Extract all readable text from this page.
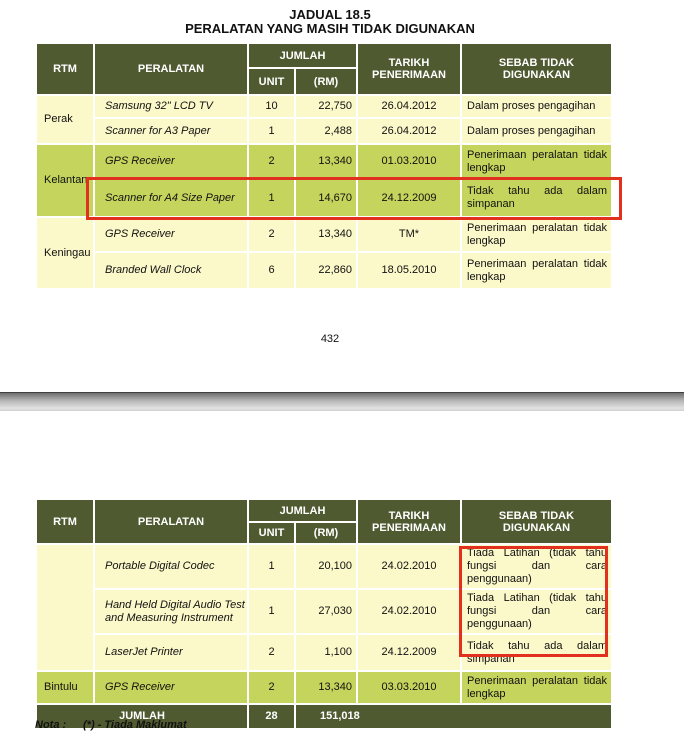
JADUAL 18.5
PERALATAN YANG MASIH TIDAK DIGUNAKAN
RTM	PERALATAN	JUMLAH		TARIKH PENERIMAAN	SEBAB TIDAK DIGUNAKAN
		UNIT	(RM)		
Perak	Samsung 32" LCD TV	10	22,750	26.04.2012	Dalam proses pengagihan
	Scanner for A3 Paper	1	2,488	26.04.2012	Dalam proses pengagihan
Kelantan	GPS Receiver	2	13,340	01.03.2010	Penerimaan peralatan tidak lengkap
	Scanner for A4 Size Paper	1	14,670	24.12.2009	Tidak tahu ada dalam simpanan
Keningau	GPS Receiver	2	13,340	TM*	Penerimaan peralatan tidak lengkap
	Branded Wall Clock	6	22,860	18.05.2010	Penerimaan peralatan tidak lengkap
432
RTM	PERALATAN	JUMLAH		TARIKH PENERIMAAN	SEBAB TIDAK DIGUNAKAN
		UNIT	(RM)		
	Portable Digital Codec	1	20,100	24.02.2010	Tiada Latihan (tidak tahu fungsi dan cara penggunaan)
	Hand Held Digital Audio Test and Measuring Instrument	1	27,030	24.02.2010	Tiada Latihan (tidak tahu fungsi dan cara penggunaan)
	LaserJet Printer	2	1,100	24.12.2009	Tidak tahu ada dalam simpanan
Bintulu	GPS Receiver	2	13,340	03.03.2010	Penerimaan peralatan tidak lengkap
JUMLAH		28	151,018		
Nota : (*) - Tiada Maklumat
